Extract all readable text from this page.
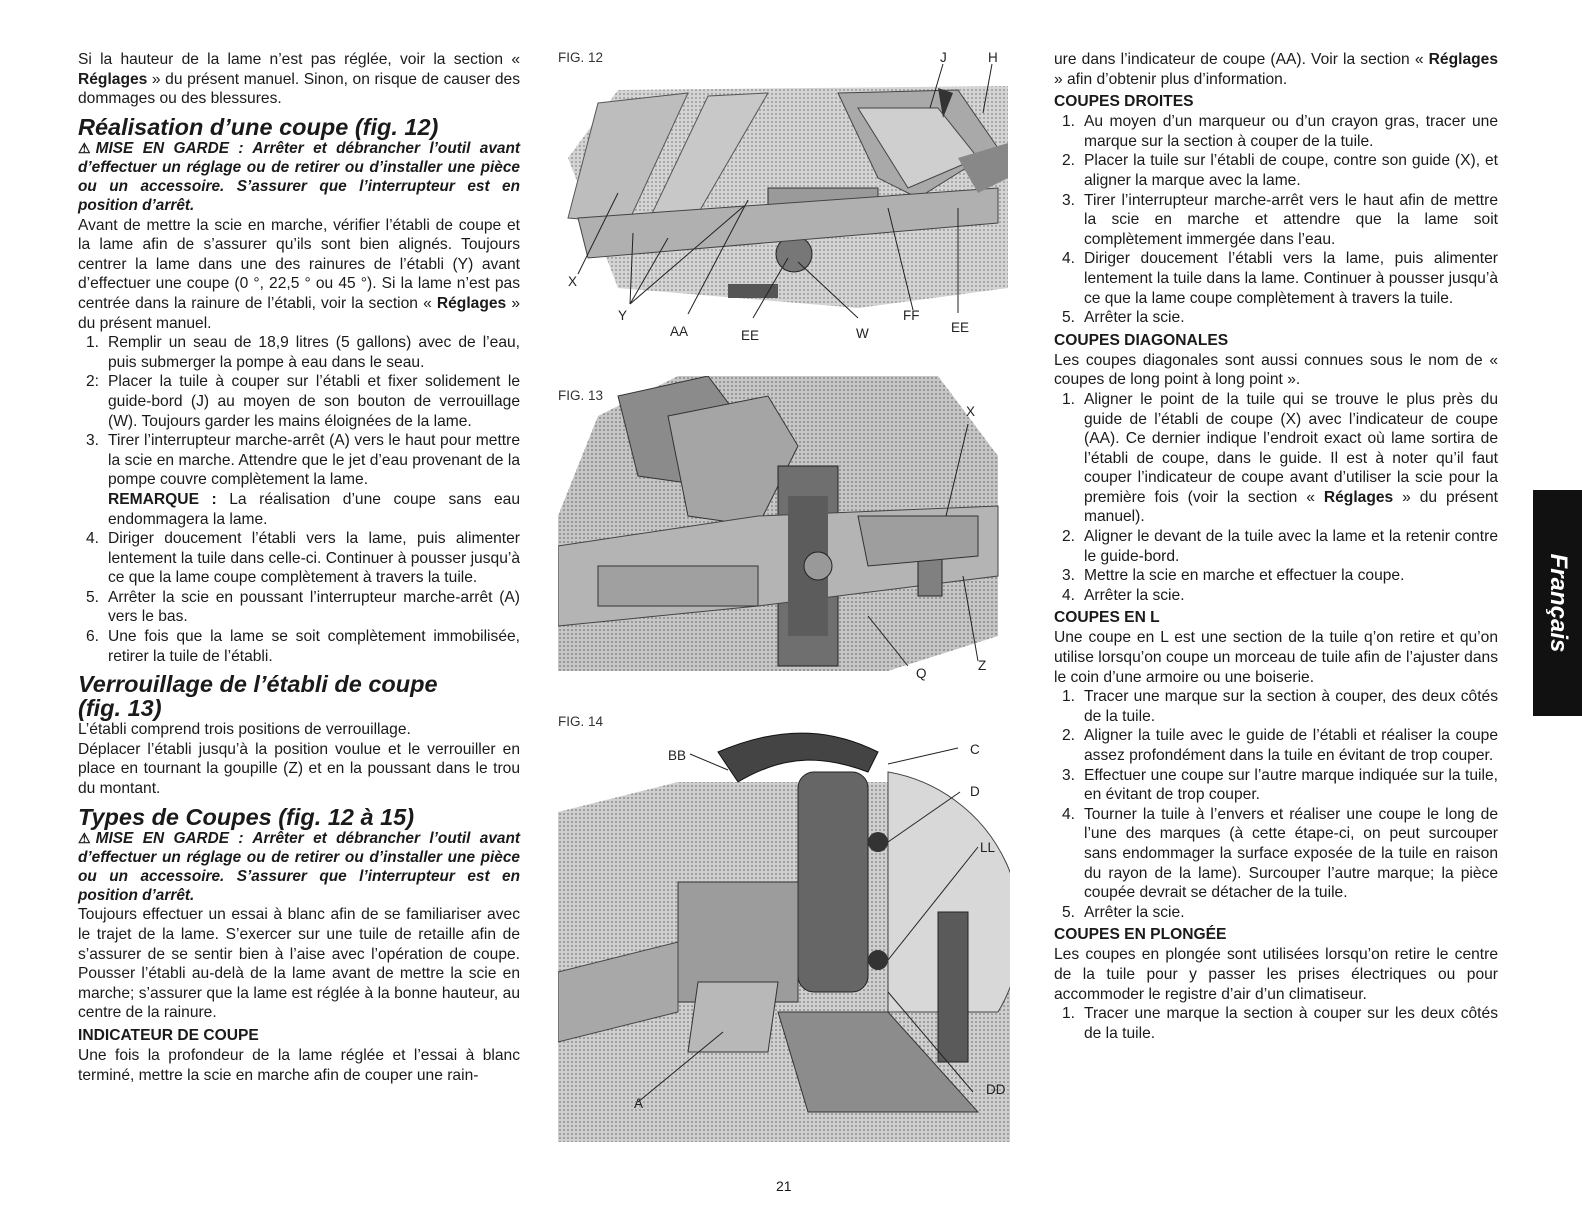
Si la hauteur de la lame n’est pas réglée, voir la section « Réglages » du présent manuel. Sinon, on risque de causer des dommages ou des blessures.

Réalisation d’une coupe (fig. 12)

⚠MISE EN GARDE : Arrêter et débrancher l’outil avant d’effectuer un réglage ou de retirer ou d’installer une pièce ou un accessoire. S’assurer que l’interrupteur est en position d’arrêt.

Avant de mettre la scie en marche, vérifier l’établi de coupe et la lame afin de s’assurer qu’ils sont bien alignés. Toujours centrer la lame dans une des rainures de l’établi (Y) avant d’effectuer une coupe (0 °, 22,5 ° ou 45 °). Si la lame n’est pas centrée dans la rainure de l’établi, voir la section « Réglages » du présent manuel.

1. Remplir un seau de 18,9 litres (5 gallons) avec de l’eau, puis submerger la pompe à eau dans le seau.
2: Placer la tuile à couper sur l’établi et fixer solidement le guide-bord (J) au moyen de son bouton de verrouillage (W). Toujours garder les mains éloignées de la lame.
3. Tirer l’interrupteur marche-arrêt (A) vers le haut pour mettre la scie en marche. Attendre que le jet d’eau provenant de la pompe couvre complètement la lame.

REMARQUE : La réalisation d’une coupe sans eau endommagera la lame.

4. Diriger doucement l’établi vers la lame, puis alimenter lentement la tuile dans celle-ci. Continuer à pousser jusqu’à ce que la lame coupe complètement à travers la tuile.
5. Arrêter la scie en poussant l’interrupteur marche-arrêt (A) vers le bas.
6. Une fois que la lame se soit complètement immobilisée, retirer la tuile de l’établi.
Verrouillage de l’établi de coupe
(fig. 13)

L’établi comprend trois positions de verrouillage.

Déplacer l’établi jusqu’à la position voulue et le verrouiller en place en tournant la goupille (Z) et en la poussant dans le trou du montant.

Types de Coupes (fig. 12 à 15)

⚠MISE EN GARDE : Arrêter et débrancher l’outil avant d’effectuer un réglage ou de retirer ou d’installer une pièce ou un accessoire. S’assurer que l’interrupteur est en position d’arrêt.

Toujours effectuer un essai à blanc afin de se familiariser avec le trajet de la lame. S’exercer sur une tuile de retaille afin de s’assurer de se sentir bien à l’aise avec l’opération de coupe. Pousser l’établi au-delà de la lame avant de mettre la scie en marche; s’assurer que la lame est réglée à la bonne hauteur, au centre de la rainure.

INDICATEUR DE COUPE

Une fois la profondeur de la lame réglée et l’essai à blanc terminé, mettre la scie en marche afin de couper une rain-

FIG. 12	J	H
X
Y
AA	EE	W
FF
EE
FIG. 13
X
Q
Z
FIG. 14
BB	C
D
LL
A
DD

ure dans l’indicateur de coupe (AA). Voir la section « Réglages » afin d’obtenir plus d’information.

COUPES DROITES
1. Au moyen d’un marqueur ou d’un crayon gras, tracer une marque sur la section à couper de la tuile.
2. Placer la tuile sur l’établi de coupe, contre son guide (X), et aligner la marque avec la lame.
3. Tirer l’interrupteur marche-arrêt vers le haut afin de mettre la scie en marche et attendre que la lame soit complètement immergée dans l’eau.
4. Diriger doucement l’établi vers la lame, puis alimenter lentement la tuile dans la lame. Continuer à pousser jusqu’à ce que la lame coupe complètement à travers la tuile.
5. Arrêter la scie.
COUPES DIAGONALES

Les coupes diagonales sont aussi connues sous le nom de « coupes de long point à long point ».

1. Aligner le point de la tuile qui se trouve le plus près du guide de l’établi de coupe (X) avec l’indicateur de coupe (AA). Ce dernier indique l’endroit exact où lame sortira de l’établi de coupe, dans le guide. Il est à noter qu’il faut couper l’indicateur de coupe avant d’utiliser la scie pour la première fois (voir la section « Réglages » du présent manuel).
2. Aligner le devant de la tuile avec la lame et la retenir contre le guide-bord.
3. Mettre la scie en marche et effectuer la coupe.
4. Arrêter la scie.
COUPES EN L

Une coupe en L est une section de la tuile q’on retire et qu’on utilise lorsqu’on coupe un morceau de tuile afin de l’ajuster dans le coin d’une armoire ou une boiserie.

1. Tracer une marque sur la section à couper, des deux côtés de la tuile.
2. Aligner la tuile avec le guide de l’établi et réaliser la coupe assez profondément dans la tuile en évitant de trop couper.
3. Effectuer une coupe sur l’autre marque indiquée sur la tuile, en évitant de trop couper.
4. Tourner la tuile à l’envers et réaliser une coupe le long de l’une des marques (à cette étape-ci, on peut surcouper sans endommager la surface exposée de la tuile en raison du rayon de la lame). Surcouper l’autre marque; la pièce coupée devrait se détacher de la tuile.
5. Arrêter la scie.
COUPES EN PLONGÉE

Les coupes en plongée sont utilisées lorsqu’on retire le centre de la tuile pour y passer les prises électriques ou pour accommoder le registre d’air d’un climatiseur.

1. Tracer une marque la section à couper sur les deux côtés de la tuile.
Français
21
